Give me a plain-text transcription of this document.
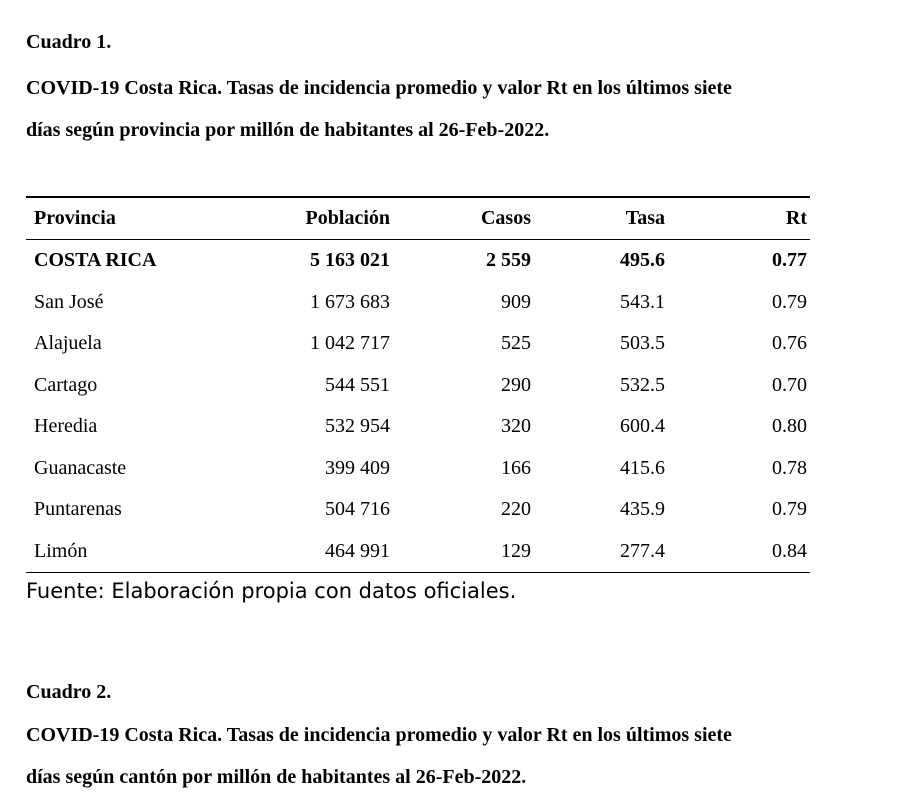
Cuadro 1.
COVID-19 Costa Rica. Tasas de incidencia promedio y valor Rt en los últimos siete
días según provincia por millón de habitantes al 26-Feb-2022.
Provincia	Población	Casos	Tasa	Rt
COSTA RICA	5 163 021	2 559	495.6	0.77
San José	1 673 683	909	543.1	0.79
Alajuela	1 042 717	525	503.5	0.76
Cartago	544 551	290	532.5	0.70
Heredia	532 954	320	600.4	0.80
Guanacaste	399 409	166	415.6	0.78
Puntarenas	504 716	220	435.9	0.79
Limón	464 991	129	277.4	0.84
Fuente: Elaboración propia con datos oficiales.
Cuadro 2.
COVID-19 Costa Rica. Tasas de incidencia promedio y valor Rt en los últimos siete
días según cantón por millón de habitantes al 26-Feb-2022.
